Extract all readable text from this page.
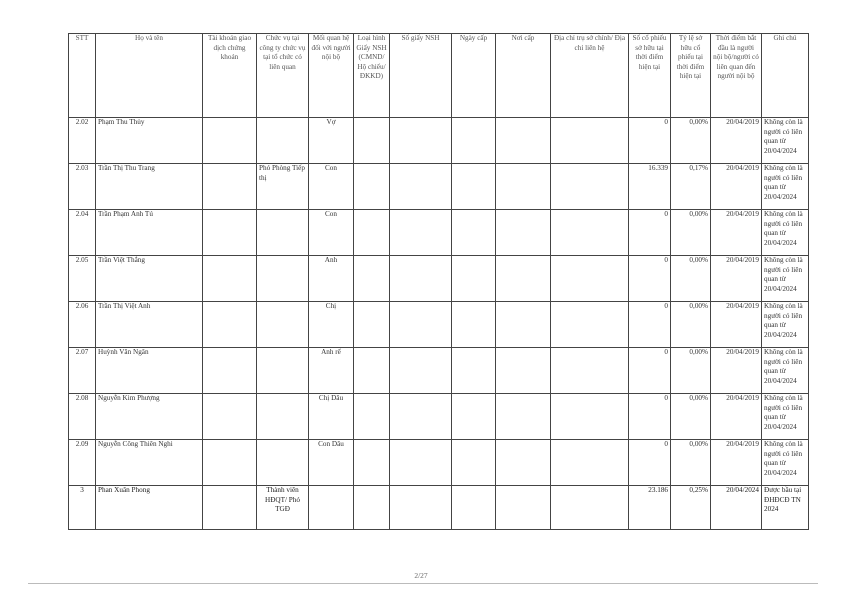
STT	Họ và tên	Tài khoản giao dịch chứng khoán	Chức vụ tại công ty chức vụ tại tổ chức có liên quan	Mối quan hệ đối với người nội bộ	Loại hình Giấy NSH (CMND/ Hộ chiếu/ ĐKKD)	Số giấy NSH	Ngày cấp	Nơi cấp	Địa chỉ trụ sở chính/ Địa chỉ liên hệ	Số cổ phiếu sở hữu tại thời điểm hiện tại	Tỷ lệ sở hữu cổ phiếu tại thời điểm hiện tại	Thời điểm bắt đầu là người nội bộ/người có liên quan đến người nội bộ	Ghi chú
2.02	Phạm Thu Thủy			Vợ						0	0,00%	20/04/2019	Không còn là người có liên quan từ 20/04/2024
2.03	Trần Thị Thu Trang		Phó Phòng Tiếp thị	Con						16.339	0,17%	20/04/2019	Không còn là người có liên quan từ 20/04/2024
2.04	Trần Phạm Anh Tú			Con						0	0,00%	20/04/2019	Không còn là người có liên quan từ 20/04/2024
2.05	Trần Việt Thắng			Anh						0	0,00%	20/04/2019	Không còn là người có liên quan từ 20/04/2024
2.06	Trần Thị Việt Anh			Chị						0	0,00%	20/04/2019	Không còn là người có liên quan từ 20/04/2024
2.07	Huỳnh Văn Ngân			Anh rể						0	0,00%	20/04/2019	Không còn là người có liên quan từ 20/04/2024
2.08	Nguyễn Kim Phượng			Chị Dâu						0	0,00%	20/04/2019	Không còn là người có liên quan từ 20/04/2024
2.09	Nguyễn Công Thiên Nghi			Con Dâu						0	0,00%	20/04/2019	Không còn là người có liên quan từ 20/04/2024
3	Phan Xuân Phong		Thành viên HĐQT/ Phó TGĐ							23.186	0,25%	20/04/2024	Được bầu tại ĐHĐCĐ TN 2024
2/27
